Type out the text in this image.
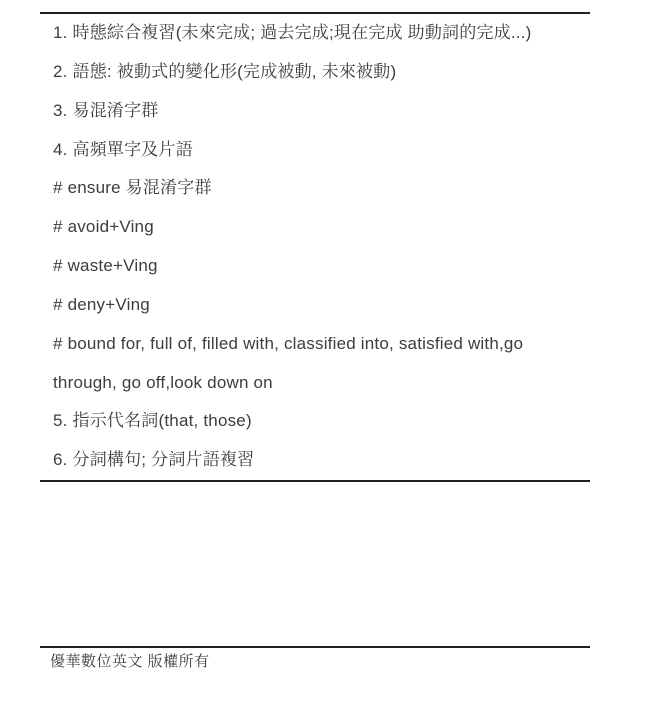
1. 時態綜合複習(未來完成; 過去完成;現在完成 助動詞的完成...)
2. 語態: 被動式的變化形(完成被動, 未來被動)
3. 易混淆字群
4. 高頻單字及片語
# ensure 易混淆字群
# avoid+Ving
# waste+Ving
# deny+Ving
# bound for, full of, filled with, classified into, satisfied with,go
through, go off,look down on
5. 指示代名詞(that, those)
6. 分詞構句; 分詞片語複習
優華數位英文 版權所有
